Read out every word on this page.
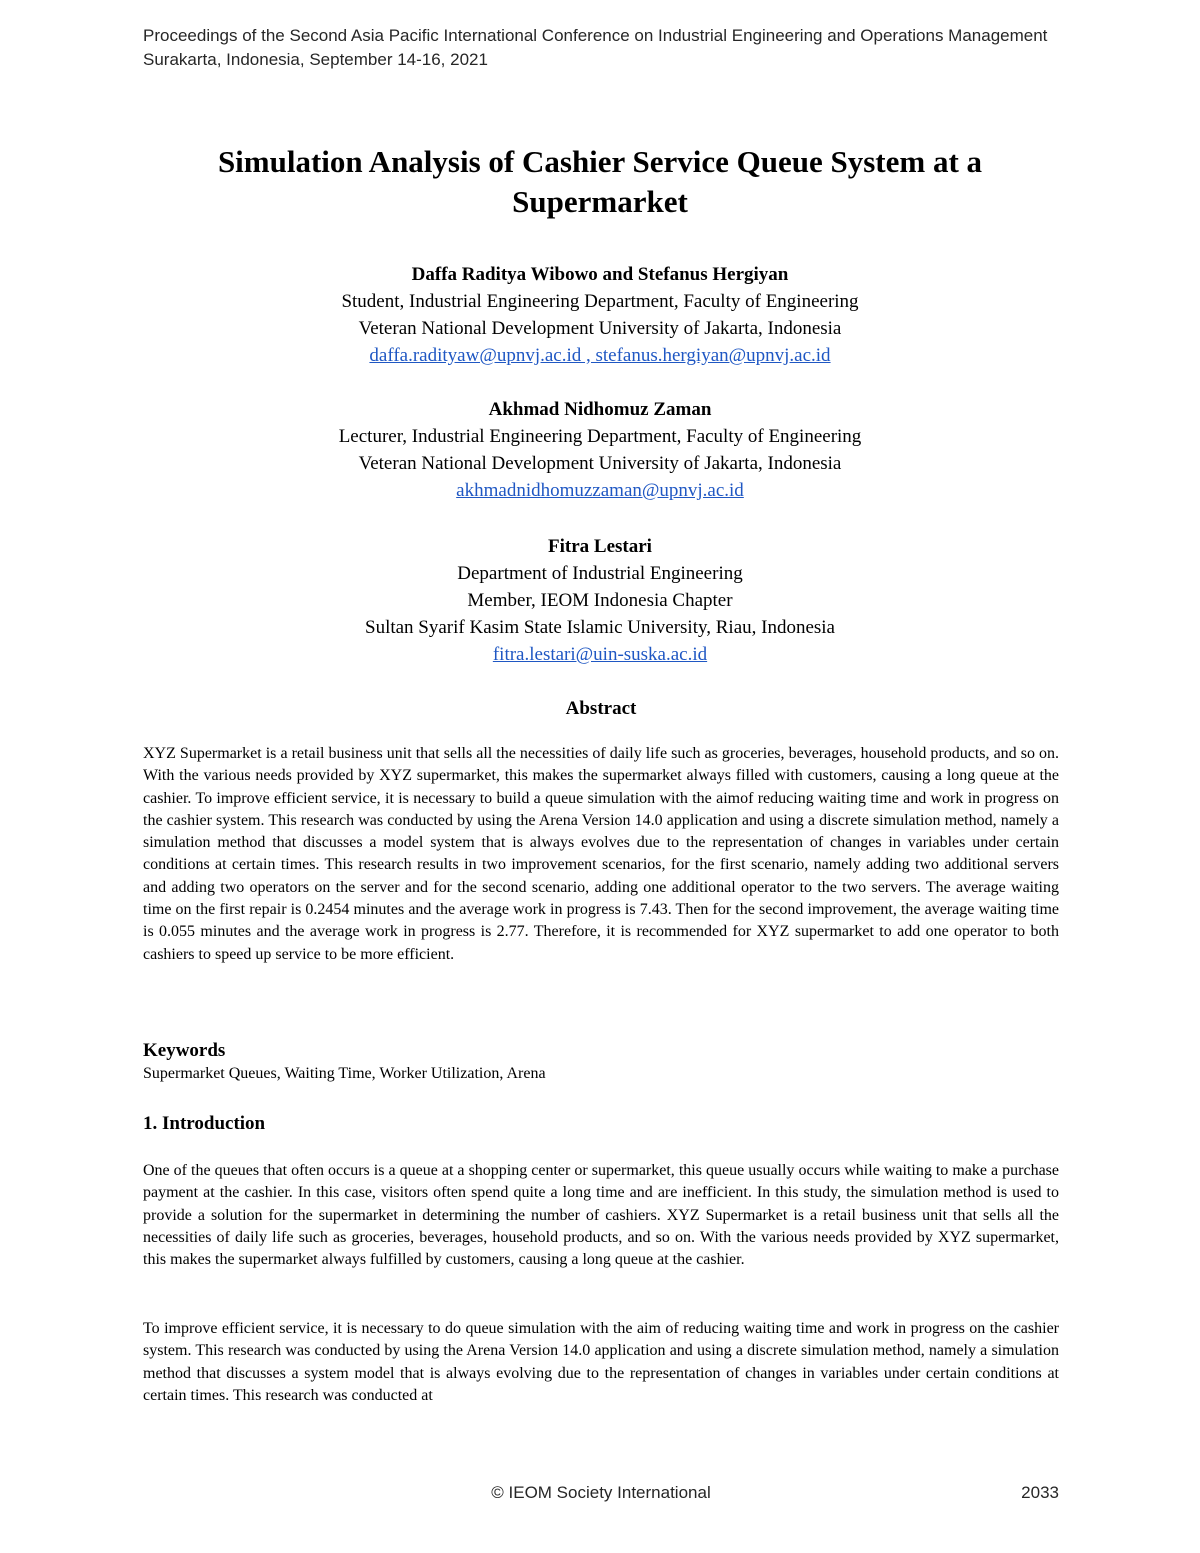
Proceedings of the Second Asia Pacific International Conference on Industrial Engineering and Operations Management
Surakarta, Indonesia, September 14-16, 2021
Simulation Analysis of Cashier Service Queue System at a
Supermarket
Daffa Raditya Wibowo and Stefanus Hergiyan
Student, Industrial Engineering Department, Faculty of Engineering
Veteran National Development University of Jakarta, Indonesia
daffa.radityaw@upnvj.ac.id , stefanus.hergiyan@upnvj.ac.id
Akhmad Nidhomuz Zaman
Lecturer, Industrial Engineering Department, Faculty of Engineering
Veteran National Development University of Jakarta, Indonesia
akhmadnidhomuzzaman@upnvj.ac.id
Fitra Lestari
Department of Industrial Engineering
Member, IEOM Indonesia Chapter
Sultan Syarif Kasim State Islamic University, Riau, Indonesia
fitra.lestari@uin-suska.ac.id
Abstract
XYZ Supermarket is a retail business unit that sells all the necessities of daily life such as groceries, beverages, household products, and so on. With the various needs provided by XYZ supermarket, this makes the supermarket always filled with customers, causing a long queue at the cashier. To improve efficient service, it is necessary to build a queue simulation with the aimof reducing waiting time and work in progress on the cashier system. This research was conducted by using the Arena Version 14.0 application and using a discrete simulation method, namely a simulation method that discusses a model system that is always evolves due to the representation of changes in variables under certain conditions at certain times. This research results in two improvement scenarios, for the first scenario, namely adding two additional servers and adding two operators on the server and for the second scenario, adding one additional operator to the two servers. The average waiting time on the first repair is 0.2454 minutes and the average work in progress is 7.43. Then for the second improvement, the average waiting time is 0.055 minutes and the average work in progress is 2.77. Therefore, it is recommended for XYZ supermarket to add one operator to both cashiers to speed up service to be more efficient.
Keywords
Supermarket Queues, Waiting Time, Worker Utilization, Arena
1. Introduction
One of the queues that often occurs is a queue at a shopping center or supermarket, this queue usually occurs while waiting to make a purchase payment at the cashier. In this case, visitors often spend quite a long time and are inefficient. In this study, the simulation method is used to provide a solution for the supermarket in determining the number of cashiers. XYZ Supermarket is a retail business unit that sells all the necessities of daily life such as groceries, beverages, household products, and so on. With the various needs provided by XYZ supermarket, this makes the supermarket always fulfilled by customers, causing a long queue at the cashier.
To improve efficient service, it is necessary to do queue simulation with the aim of reducing waiting time and work in progress on the cashier system. This research was conducted by using the Arena Version 14.0 application and using a discrete simulation method, namely a simulation method that discusses a system model that is always evolving due to the representation of changes in variables under certain conditions at certain times. This research was conducted at
© IEOM Society International	2033
